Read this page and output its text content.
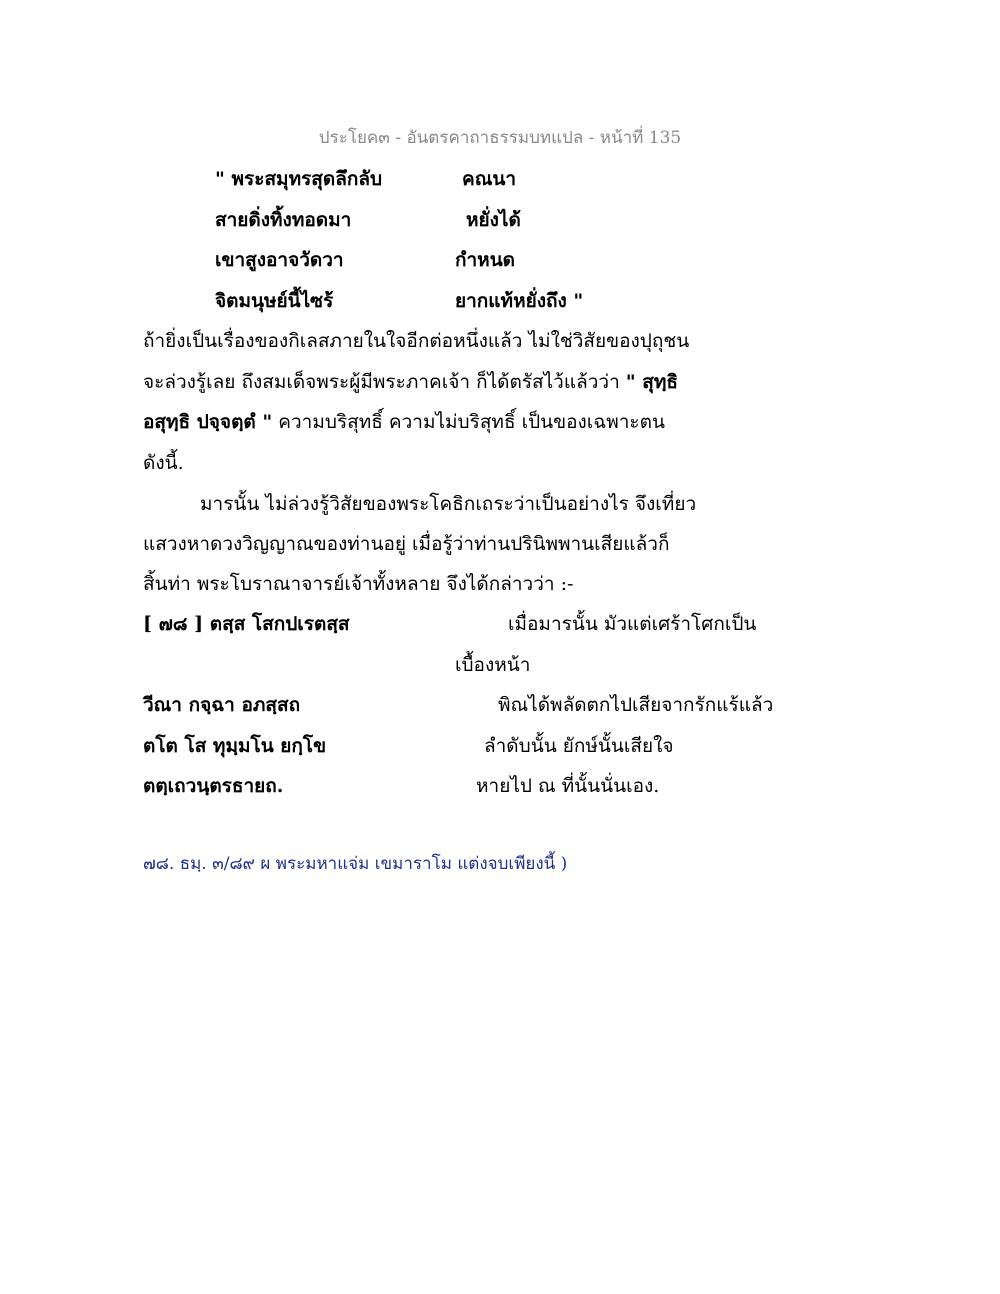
ประโยค๓ - อันตรคาถาธรรมบทแปล - หน้าที่ 135
" พระสมุทรสุดลึกลับ	คณนา
สายดิ่งทิ้งทอดมา	หยั่งได้
เขาสูงอาจวัดวา	กำหนด
จิตมนุษย์นี้ไซร้	ยากแท้หยั่งถึง "
ถ้ายิ่งเป็นเรื่องของกิเลสภายในใจอีกต่อหนึ่งแล้ว ไม่ใช่วิสัยของปุถุชน
จะล่วงรู้เลย ถึงสมเด็จพระผู้มีพระภาคเจ้า ก็ได้ตรัสไว้แล้วว่า " สุทฺธิ
อสุทฺธิ ปจฺจตฺตํ " ความบริสุทธิ์ ความไม่บริสุทธิ์ เป็นของเฉพาะตน
ดังนี้.
มารนั้น ไม่ล่วงรู้วิสัยของพระโคธิกเถระว่าเป็นอย่างไร จึงเที่ยว
แสวงหาดวงวิญญาณของท่านอยู่ เมื่อรู้ว่าท่านปรินิพพานเสียแล้วก็
สิ้นท่า พระโบราณาจารย์เจ้าทั้งหลาย จึงได้กล่าวว่า :-
[ ๗๘ ] ตสฺส โสกปเรตสฺส	เมื่อมารนั้น มัวแต่เศร้าโศกเป็น
เบื้องหน้า
วีณา กจฺฉา อภสฺสถ	พิณได้พลัดตกไปเสียจากรักแร้แล้ว
ตโต โส ทุมฺมโน ยกฺโข	ลำดับนั้น ยักษ์นั้นเสียใจ
ตตฺเถวนฺตรธายถ.	หายไป ณ ที่นั้นนั่นเอง.
๗๘. ธมฺ. ๓/๘๙ ผ พระมหาแจ่ม เขมาราโม แต่งจบเพียงนี้ )
